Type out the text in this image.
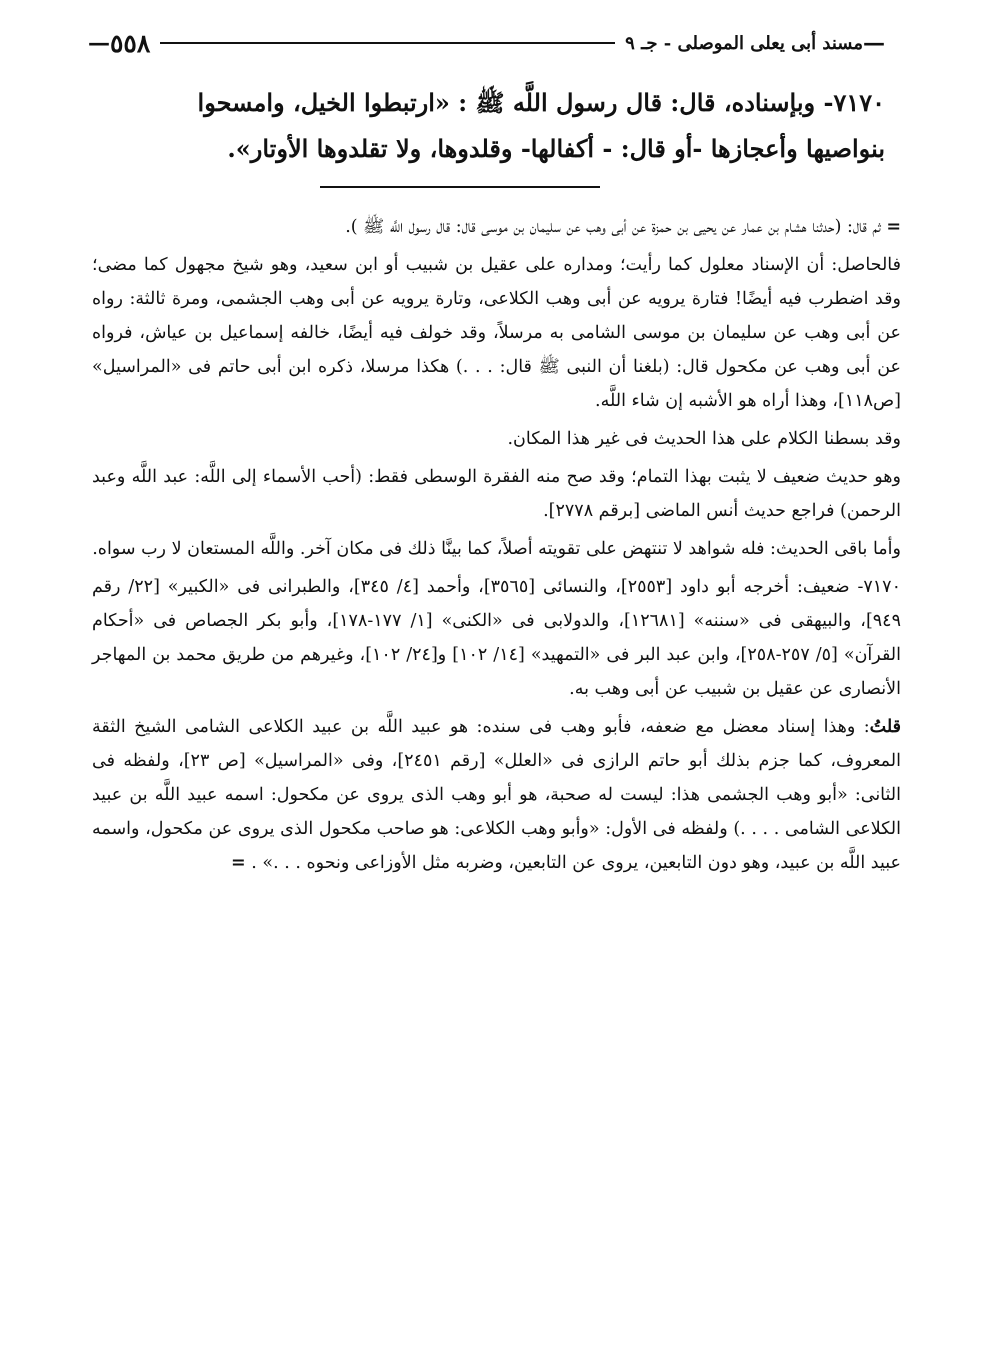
—
مسند أبى يعلى الموصلى - جـ ٩
٥٥٨
—

٧١٧٠- وبإسناده، قال: قال رسول اللَّه ﷺ : «ارتبطوا الخيل، وامسحوا

بنواصيها وأعجازها -أو قال: - أكفالها- وقلدوها، ولا تقلدوها الأوتار».

= ثم قال: (حدثنا هشام بن عمار عن يحيى بن حمزة عن أبى وهب عن سليمان بن موسى قال: قال رسول اللَّه ﷺ ).

فالحاصل: أن الإسناد معلول كما رأيت؛ ومداره على عقيل بن شبيب أو ابن سعيد، وهو شيخ مجهول كما مضى؛ وقد اضطرب فيه أيضًا! فتارة يرويه عن أبى وهب الكلاعى، وتارة يرويه عن أبى وهب الجشمى، ومرة ثالثة: رواه عن أبى وهب عن سليمان بن موسى الشامى به مرسلاً، وقد خولف فيه أيضًا، خالفه إسماعيل بن عياش، فرواه عن أبى وهب عن مكحول قال: (بلغنا أن النبى ﷺ قال: . . .) هكذا مرسلا، ذكره ابن أبى حاتم فى «المراسيل» [ص١١٨]، وهذا أراه هو الأشبه إن شاء اللَّه.

وقد بسطنا الكلام على هذا الحديث فى غير هذا المكان.

وهو حديث ضعيف لا يثبت بهذا التمام؛ وقد صح منه الفقرة الوسطى فقط: (أحب الأسماء إلى اللَّه: عبد اللَّه وعبد الرحمن) فراجع حديث أنس الماضى [برقم ٢٧٧٨].

وأما باقى الحديث: فله شواهد لا تنتهض على تقويته أصلاً، كما بينَّا ذلك فى مكان آخر. واللَّه المستعان لا رب سواه.

٧١٧٠- ضعيف: أخرجه أبو داود [٢٥٥٣]، والنسائى [٣٥٦٥]، وأحمد [٤/ ٣٤٥]، والطبرانى فى «الكبير» [٢٢/ رقم ٩٤٩]، والبيهقى فى «سننه» [١٢٦٨١]، والدولابى فى «الكنى» [١/ ١٧٧-١٧٨]، وأبو بكر الجصاص فى «أحكام القرآن» [٥/ ٢٥٧-٢٥٨]، وابن عبد البر فى «التمهيد» [١٤/ ١٠٢] و[٢٤/ ١٠٢]، وغيرهم من طريق محمد بن المهاجر الأنصارى عن عقيل بن شبيب عن أبى وهب به.

قلتُ: وهذا إسناد معضل مع ضعفه، فأبو وهب فى سنده: هو عبيد اللَّه بن عبيد الكلاعى الشامى الشيخ الثقة المعروف، كما جزم بذلك أبو حاتم الرازى فى «العلل» [رقم ٢٤٥١]، وفى «المراسيل» [ص ٢٣]، ولفظه فى الثانى: «أبو وهب الجشمى هذا: ليست له صحبة، هو أبو وهب الذى يروى عن مكحول: اسمه عبيد اللَّه بن عبيد الكلاعى الشامى . . . .) ولفظه فى الأول: «وأبو وهب الكلاعى: هو صاحب مكحول الذى يروى عن مكحول، واسمه عبيد اللَّه بن عبيد، وهو دون التابعين، يروى عن التابعين، وضربه مثل الأوزاعى ونحوه . . .» . =
